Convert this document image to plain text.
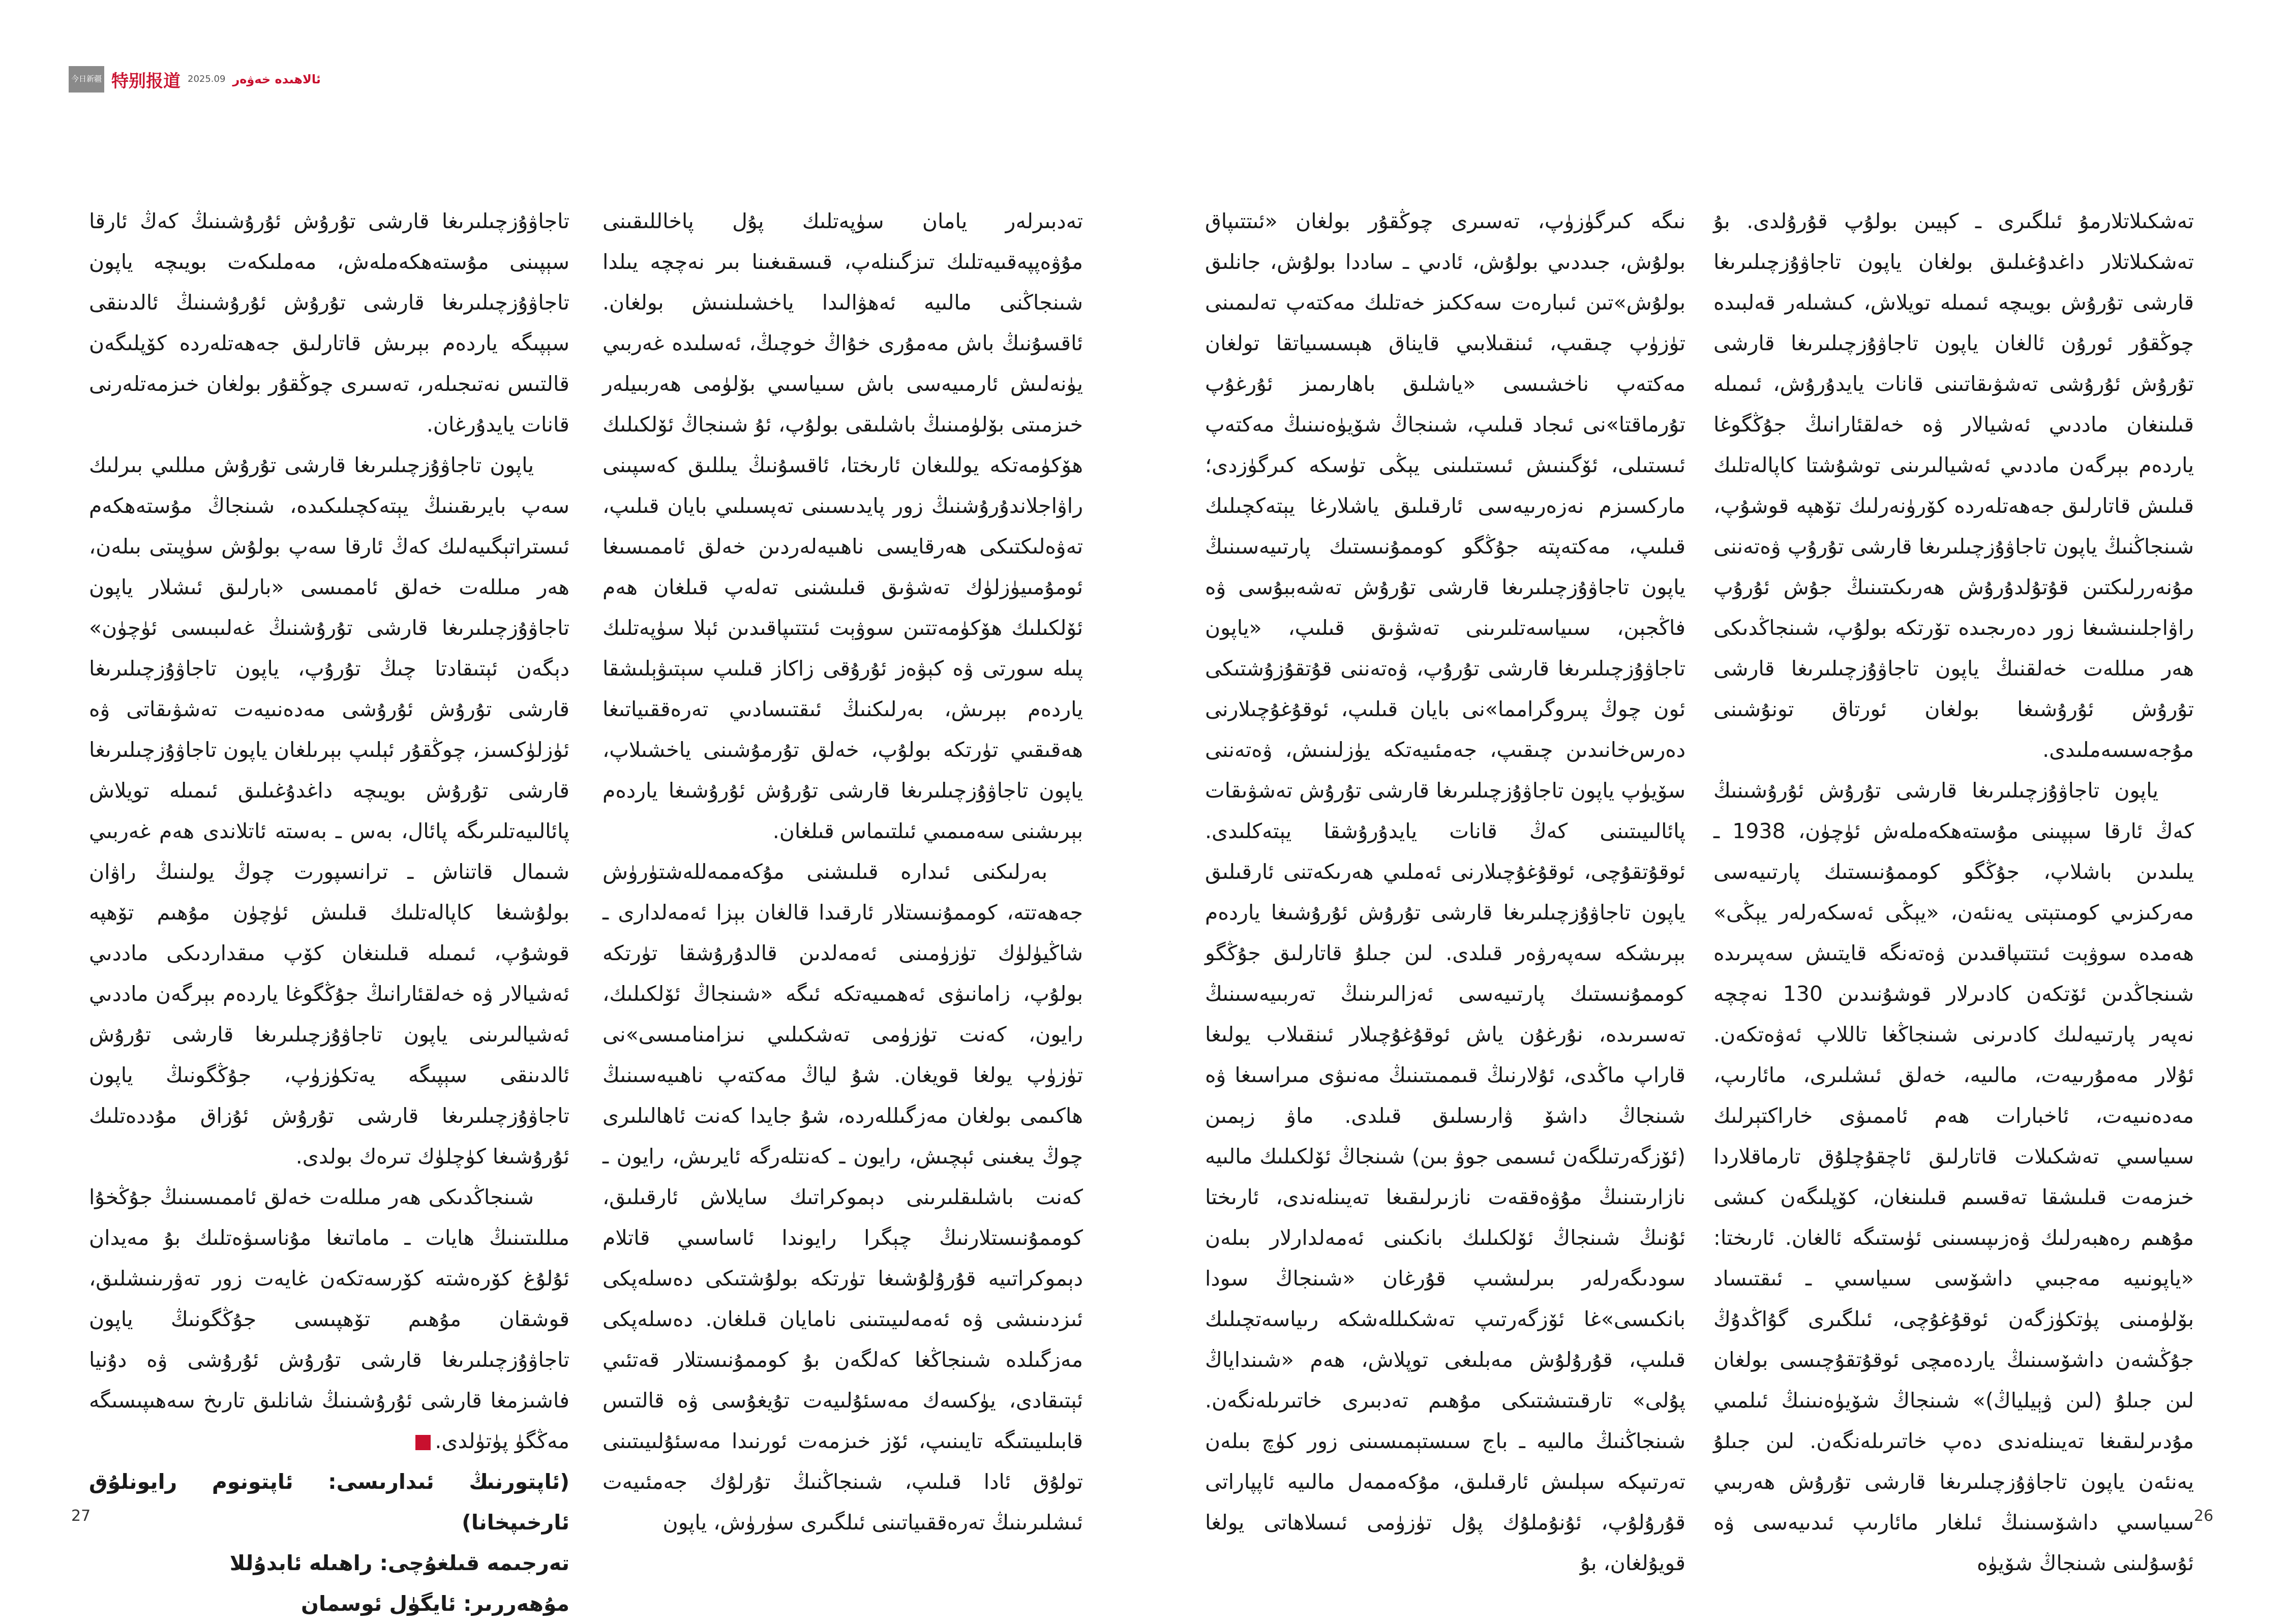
今日新疆 特别报道 2025.09 ئالاھىدە خەۋەر

تەشكىلاتلارمۇ ئىلگىرى ـ كېيىن بولۇپ قۇرۇلدى. بۇ تەشكىلاتلار داغدۇغىلىق بولغان ياپون تاجاۋۇزچىلىرىغا قارشى تۇرۇش بويىچە ئىمىلە تويلاش، كىشىلەر قەلبىدە چوڭقۇر ئورۇن ئالغان ياپون تاجاۋۇزچىلىرىغا قارشى تۇرۇش ئۇرۇشى تەشۋىقاتىنى قانات يايدۇرۇش، ئىمىلە قىلىنغان ماددىي ئەشيالار ۋە خەلقئارانىڭ جۇڭگوغا ياردەم بېرگەن ماددىي ئەشيالىرىنى توشۇشتا كاپالەتلىك قىلىش قاتارلىق جەھەتلەردە كۆرۈنەرلىك تۆھپە قوشۇپ، شىنجاڭنىڭ ياپون تاجاۋۇزچىلىرىغا قارشى تۇرۇپ ۋەتەننى مۇنەررلىكتىن قۇتۇلدۇرۇش ھەرىكىتىنىڭ جۇش ئۇرۇپ راۋاجلىنىشىغا زور دەرىجىدە تۆرتكە بولۇپ، شىنجاڭدىكى ھەر مىللەت خەلقنىڭ ياپون تاجاۋۇزچىلىرىغا قارشى تۇرۇش ئۇرۇشىغا بولغان ئورتاق تونۇشىنى مۇجەسسەملىدى.

ياپون تاجاۋۇزچىلىرىغا قارشى تۇرۇش ئۇرۇشىنىڭ كەڭ ئارقا سېپىنى مۇستەھكەملەش ئۈچۈن، 1938 ـ يىلىدىن باشلاپ، جۇڭگو كوممۇنىستىك پارتىيەسى مەركىزىي كومىتېتى يەنئەن، «يېڭى ئەسكەرلەر يېڭى» ھەمدە سوۋېت ئىتتىپاقىدىن ۋەتەنگە قايتىش سەپىرىدە شىنجاڭدىن ئۆتكەن كادىرلار قوشۇنىدىن 130 نەچچە نەپەر پارتىيەلىك كادىرنى شىنجاڭغا تاللاپ ئەۋەتكەن. ئۇلار مەمۇرىيەت، مالىيە، خەلق ئىشلىرى، مائارىپ، مەدەنىيەت، ئاخبارات ھەم ئاممىۋى خاراكتېرلىك سىياسىي تەشكىلات قاتارلىق ئاچقۇچلۇق تارماقلاردا خىزمەت قىلىشقا تەقسىم قىلىنغان، كۆپلىگەن كىشى مۇھىم رەھبەرلىك ۋەزىپىسىنى ئۈستىگە ئالغان. ئارىختا: «ياپونىيە مەجبىي داشۆسى سىياسىي ـ ئىقتىساد بۆلۈمىنى پۈتكۈزگەن ئوقۇغۇچى، ئىلگىرى گۇاڭدۇڭ جۇڭشەن داشۆسىنىڭ ياردەمچى ئوقۇتقۇچىسى بولغان لىن جىلۇ (لىن ۋېيلياڭ)» شىنجاڭ شۆيۈەنىنىڭ ئىلمىي مۇدىرلىقىغا تەيىنلەندى دەپ خاتىرىلەنگەن. لىن جىلۇ يەنئەن ياپون تاجاۋۇزچىلىرىغا قارشى تۇرۇش ھەربىي سىياسىي داشۆسىنىڭ ئىلغار مائارىپ ئىدىيەسى ۋە ئۇسۇلىنى شىنجاڭ شۆيۈە

نىگە كىرگۈزۈپ، تەسىرى چوڭقۇر بولغان «ئىتتىپاق بولۇش، جىددىي بولۇش، ئادىي ـ ساددا بولۇش، جانلىق بولۇش»تىن ئىبارەت سەككىز خەتلىك مەكتەپ تەلىمىنى تۈزۈپ چىقىپ، ئىنقىلابىي قايناق ھېسسىياتقا تولغان مەكتەپ ناخشىسى «ياشلىق باھارىمىز ئۇرغۇپ تۇرماقتا»نى ئىجاد قىلىپ، شىنجاڭ شۆيۈەنىنىڭ مەكتەپ ئىستىلى، ئۆگىنىش ئىستىلىنى يېڭى تۈسكە كىرگۈزدى؛ ماركسىزم نەزەرىيەسى ئارقىلىق ياشلارغا يېتەكچىلىك قىلىپ، مەكتەپتە جۇڭگو كوممۇنىستىك پارتىيەسىنىڭ ياپون تاجاۋۇزچىلىرىغا قارشى تۇرۇش تەشەببۇسى ۋە فاڭجېن، سىياسەتلىرىنى تەشۋىق قىلىپ، «ياپون تاجاۋۇزچىلىرىغا قارشى تۇرۇپ، ۋەتەننى قۇتقۇزۇشتىكى ئون چوڭ پىروگرامما»نى بايان قىلىپ، ئوقۇغۇچىلارنى دەرس‌خانىدىن چىقىپ، جەمئىيەتكە يۈزلىنىش، ۋەتەننى سۆيۈپ ياپون تاجاۋۇزچىلىرىغا قارشى تۇرۇش تەشۋىقات پائالىيىتىنى كەڭ قانات يايدۇرۇشقا يېتەكلىدى. ئوقۇتقۇچى، ئوقۇغۇچىلارنى ئەملىي ھەرىكەتنى ئارقىلىق ياپون تاجاۋۇزچىلىرىغا قارشى تۇرۇش ئۇرۇشىغا ياردەم بېرىشكە سەپەرۋەر قىلدى. لىن جىلۇ قاتارلىق جۇڭگو كوممۇنىستىك پارتىيەسى ئەزالىرىنىڭ تەربىيەسىنىڭ تەسىرىدە، نۇرغۇن ياش ئوقۇغۇچىلار ئىنقىلاب يولىغا قاراپ ماڭدى، ئۇلارنىڭ قىممىتىنىڭ مەنىۋى مىراسىغا ۋە شىنجاڭ داشۆ ۋارىسلىق قىلدى. ماۋ زېمىن (ئۆزگەرتىلگەن ئىسمى جوۋ بىن) شىنجاڭ ئۆلكىلىك مالىيە نازارىتىنىڭ مۇۋەققەت نازىرلىقىغا تەيىنلەندى، ئارىختا ئۇنىڭ شىنجاڭ ئۆلكىلىك بانكىنى ئەمەلدارلار بىلەن سودىگەرلەر بىرلىشىپ قۇرغان «شىنجاڭ سودا بانكىسى»غا ئۆزگەرتىپ تەشكىللەشكە رىياسەتچىلىك قىلىپ، قۇرۇلۇش مەبلىغى توپلاش، ھەم «شىنداياڭ پۇلى» تارقىتىشتىكى مۇھىم تەدبىرى خاتىرىلەنگەن. شىنجاڭنىڭ مالىيە ـ باج سىستېمىسىنى زور كۈچ بىلەن تەرتىپكە سېلىش ئارقىلىق، مۇكەممەل مالىيە ئاپپاراتى قۇرۇلۇپ، ئۇنۇملۇك پۇل تۈزۈمى ئىسلاھاتى يولغا قويۇلغان، بۇ

تەدبىرلەر يامان سۈپەتلىك پۇل پاخاللىقىنى مۇۋەپپەقىيەتلىك تىزگىنلەپ، قىسقىغىنا بىر نەچچە يىلدا شىنجاڭنى مالىيە ئەھۋالىدا ياخشىلىنىش بولغان. ئاقسۇنىڭ باش مەمۇرى خۇاڭ خوچىڭ، ئەسلىدە غەربىي يۈنەلىش ئارمىيەسى باش سىياسىي بۆلۈمى ھەربىيلەر خىزمىتى بۆلۈمىنىڭ باشلىقى بولۇپ، ئۇ شىنجاڭ ئۆلكىلىك ھۆكۈمەتكە يوللىغان ئارىختا، ئاقسۇنىڭ يىللىق كەسپىنى راۋاجلاندۇرۇشنىڭ زور پايدىسىنى تەپسىلىي بايان قىلىپ، تەۋەلىكتىكى ھەرقايسى ناھىيەلەردىن خەلق ئاممىسىغا ئومۇمىيۈزلۈك تەشۋىق قىلىشنى تەلەپ قىلغان ھەم ئۆلكىلىك ھۆكۈمەتتىن سوۋېت ئىتتىپاقىدىن ئېلا سۈپەتلىك پىلە سورتى ۋە كېۋەز ئۇرۇقى زاكاز قىلىپ سېتىۋېلىشقا ياردەم بېرىش، بەرلىكنىڭ ئىقتىسادىي تەرەققىياتىغا ھەقىقىي تۈرتكە بولۇپ، خەلق تۇرمۇشىنى ياخشىلاپ، ياپون تاجاۋۇزچىلىرىغا قارشى تۇرۇش ئۇرۇشىغا ياردەم بېرىشنى سەمىمىي ئىلتىماس قىلغان.

بەرلىكنى ئىدارە قىلىشنى مۇكەممەللەشتۈرۈش جەھەتتە، كوممۇنىستلار ئارقىدا قالغان بېزا ئەمەلدارى ـ شاڭيۈلۈك تۈزۈمىنى ئەمەلدىن قالدۇرۇشقا تۈرتكە بولۇپ، زامانىۋى ئەھمىيەتكە ئىگە «شىنجاڭ ئۆلكىلىك، رايون، كەنت تۈزۈمى تەشكىلىي نىزامنامىسى»نى تۈزۈپ يولغا قويغان. شۇ لياڭ مەكتەپ ناھىيەسىنىڭ ھاكىمى بولغان مەزگىللەردە، شۇ جايدا كەنت ئاھالىلىرى چوڭ يىغىنى ئېچىش، رايون ـ كەنتلەرگە ئايرىش، رايون ـ كەنت باشلىقلىرىنى دېموكراتىك سايلاش ئارقىلىق، كوممۇنىستلارنىڭ چېگرا رايوندا ئاساسىي قاتلام دېموكراتىيە قۇرۇلۇشىغا تۈرتكە بولۇشتىكى دەسلەپكى ئىزدىنىشى ۋە ئەمەلىيىتىنى نامايان قىلغان. دەسلەپكى مەزگىلدە شىنجاڭغا كەلگەن بۇ كوممۇنىستلار قەتئىي ئېتىقادى، يۈكسەك مەسئۇلىيەت تۇيغۇسى ۋە قالتىس قابىلىيىتىگە تايىنىپ، ئۆز خىزمەت ئورنىدا مەسئۇلىيىتىنى تولۇق ئادا قىلىپ، شىنجاڭنىڭ تۇرلۇك جەمئىيەت ئىشلىرىنىڭ تەرەققىياتىنى ئىلگىرى سۈرۈش، ياپون

تاجاۋۇزچىلىرىغا قارشى تۇرۇش ئۇرۇشىنىڭ كەڭ ئارقا سېپىنى مۇستەھكەملەش، مەملىكەت بويىچە ياپون تاجاۋۇزچىلىرىغا قارشى تۇرۇش ئۇرۇشىنىڭ ئالدىنقى سېپىگە ياردەم بېرىش قاتارلىق جەھەتلەردە كۆپلىگەن قالتىس نەتىجىلەر، تەسىرى چوڭقۇر بولغان خىزمەتلەرنى قانات يايدۇرغان.

ياپون تاجاۋۇزچىلىرىغا قارشى تۇرۇش مىللىي بىرلىك سەپ بايرىقىنىڭ يېتەكچىلىكىدە، شىنجاڭ مۇستەھكەم ئىستراتېگىيەلىك كەڭ ئارقا سەپ بولۇش سۈپىتى بىلەن، ھەر مىللەت خەلق ئاممىسى «بارلىق ئىشلار ياپون تاجاۋۇزچىلىرىغا قارشى تۇرۇشنىڭ غەلىبىسى ئۈچۈن» دېگەن ئېتىقادتا چىڭ تۇرۇپ، ياپون تاجاۋۇزچىلىرىغا قارشى تۇرۇش ئۇرۇشى مەدەنىيەت تەشۋىقاتى ۋە ئۈزلۈكسىز، چوڭقۇر ئېلىپ بېرىلغان ياپون تاجاۋۇزچىلىرىغا قارشى تۇرۇش بويىچە داغدۇغىلىق ئىمىلە تويلاش پائالىيەتلىرىگە پائال، بەس ـ بەستە ئاتلاندى ھەم غەربىي شىمال قاتناش ـ ترانسپورت چوڭ يولىنىڭ راۋان بولۇشىغا كاپالەتلىك قىلىش ئۈچۈن مۇھىم تۆھپە قوشۇپ، ئىمىلە قىلىنغان كۆپ مىقداردىكى ماددىي ئەشيالار ۋە خەلقئارانىڭ جۇڭگوغا ياردەم بېرگەن ماددىي ئەشيالىرىنى ياپون تاجاۋۇزچىلىرىغا قارشى تۇرۇش ئالدىنقى سېپىگە يەتكۈزۈپ، جۇڭگونىڭ ياپون تاجاۋۇزچىلىرىغا قارشى تۇرۇش ئۇزاق مۇددەتلىك ئۇرۇشىغا كۈچلۈك تىرەك بولدى.

شىنجاڭدىكى ھەر مىللەت خەلق ئاممىسىنىڭ جۇڭخۇا مىللىتىنىڭ ھايات ـ ماماتىغا مۇناسىۋەتلىك بۇ مەيدان ئۇلۇغ كۆرەشتە كۆرسەتكەن غايەت زور تەۋرىنىشلىق، قوشقان مۇھىم تۆھپىسى جۇڭگونىڭ ياپون تاجاۋۇزچىلىرىغا قارشى تۇرۇش ئۇرۇشى ۋە دۇنيا فاشىزمغا قارشى ئۇرۇشىنىڭ شانلىق تارىخ سەھىپىسىگە مەڭگۈ پۈتۈلدى.

(ئاپتورنىڭ ئىدارىسى: ئاپتونوم رايونلۇق ئارخىپخانا)

تەرجىمە قىلغۇچى: راھىلە ئابدۇللا

مۇھەررىر: ئايگۈل ئوسمان

27	26
